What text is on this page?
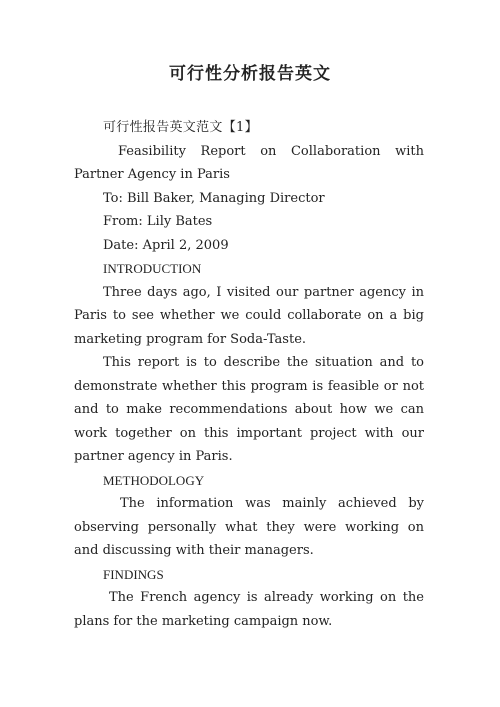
可行性分析报告英文

可行性报告英文范文【1】

Feasibility Report on Collaboration with Partner Agency in Paris

To: Bill Baker, Managing Director

From: Lily Bates

Date: April 2, 2009

INTRODUCTION

Three days ago, I visited our partner agency in Paris to see whether we could collaborate on a big marketing program for Soda-Taste.

This report is to describe the situation and to demonstrate whether this program is feasible or not and to make recommendations about how we can work together on this important project with our partner agency in Paris.

METHODOLOGY

The information was mainly achieved by observing personally what they were working on and discussing with their managers.

FINDINGS

The French agency is already working on the plans for the marketing campaign now.
